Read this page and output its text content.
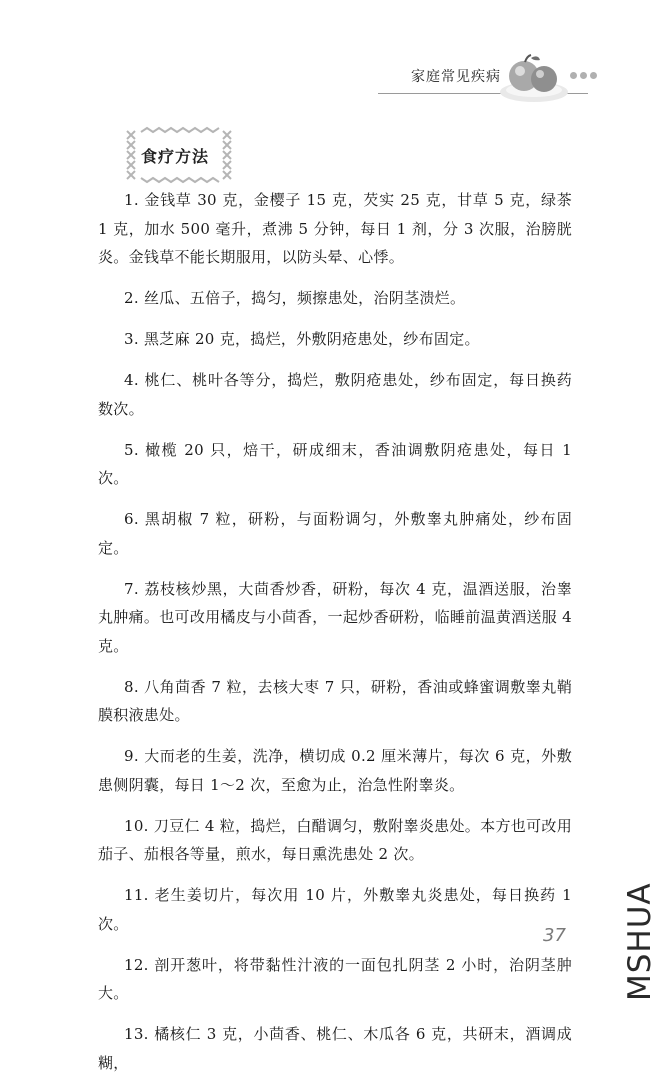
家庭常见疾病
食疗方法

1. 金钱草 30 克，金樱子 15 克，芡实 25 克，甘草 5 克，绿茶 1 克，加水 500 毫升，煮沸 5 分钟，每日 1 剂，分 3 次服，治膀胱炎。金钱草不能长期服用，以防头晕、心悸。

2. 丝瓜、五倍子，捣匀，频擦患处，治阴茎溃烂。

3. 黑芝麻 20 克，捣烂，外敷阴疮患处，纱布固定。

4. 桃仁、桃叶各等分，捣烂，敷阴疮患处，纱布固定，每日换药数次。

5. 橄榄 20 只，焙干，研成细末，香油调敷阴疮患处，每日 1 次。

6. 黑胡椒 7 粒，研粉，与面粉调匀，外敷睾丸肿痛处，纱布固定。

7. 荔枝核炒黑，大茴香炒香，研粉，每次 4 克，温酒送服，治睾丸肿痛。也可改用橘皮与小茴香，一起炒香研粉，临睡前温黄酒送服 4 克。

8. 八角茴香 7 粒，去核大枣 7 只，研粉，香油或蜂蜜调敷睾丸鞘膜积液患处。

9. 大而老的生姜，洗净，横切成 0.2 厘米薄片，每次 6 克，外敷患侧阴囊，每日 1～2 次，至愈为止，治急性附睾炎。

10. 刀豆仁 4 粒，捣烂，白醋调匀，敷附睾炎患处。本方也可改用茄子、茄根各等量，煎水，每日熏洗患处 2 次。

11. 老生姜切片，每次用 10 片，外敷睾丸炎患处，每日换药 1 次。

12. 剖开葱叶，将带黏性汁液的一面包扎阴茎 2 小时，治阴茎肿大。

13. 橘核仁 3 克，小茴香、桃仁、木瓜各 6 克，共研末，酒调成糊，

37 MSHUA
